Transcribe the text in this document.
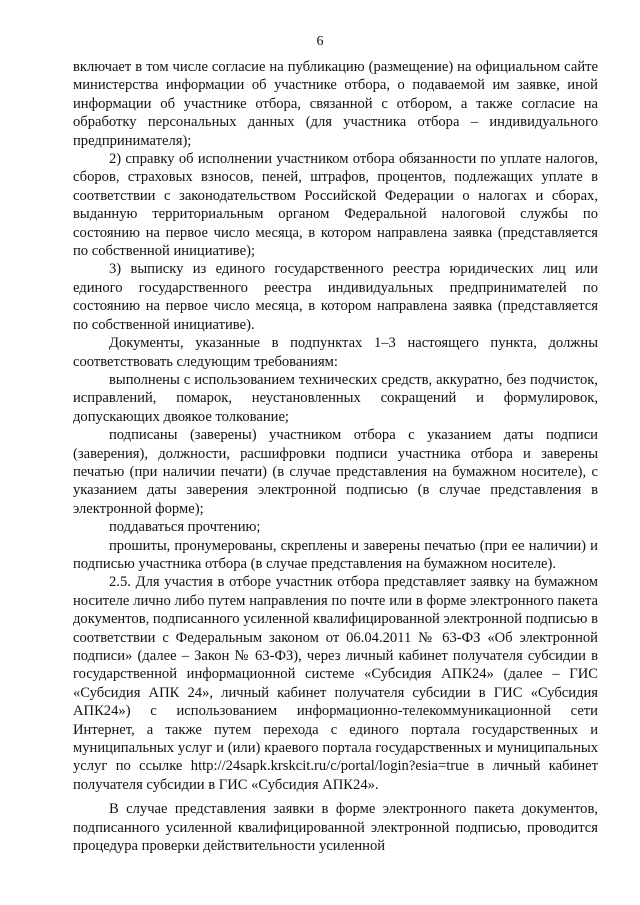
6

включает в том числе согласие на публикацию (размещение) на официальном сайте министерства информации об участнике отбора, о подаваемой им заявке, иной информации об участнике отбора, связанной с отбором, а также согласие на обработку персональных данных (для участника отбора – индивидуального предпринимателя);

2) справку об исполнении участником отбора обязанности по уплате налогов, сборов, страховых взносов, пеней, штрафов, процентов, подлежащих уплате в соответствии с законодательством Российской Федерации о налогах и сборах, выданную территориальным органом Федеральной налоговой службы по состоянию на первое число месяца, в котором направлена заявка (представляется по собственной инициативе);

3) выписку из единого государственного реестра юридических лиц или единого государственного реестра индивидуальных предпринимателей по состоянию на первое число месяца, в котором направлена заявка (представляется по собственной инициативе).

Документы, указанные в подпунктах 1–3 настоящего пункта, должны соответствовать следующим требованиям:

выполнены с использованием технических средств, аккуратно, без подчисток, исправлений, помарок, неустановленных сокращений и формулировок, допускающих двоякое толкование;

подписаны (заверены) участником отбора с указанием даты подписи (заверения), должности, расшифровки подписи участника отбора и заверены печатью (при наличии печати) (в случае представления на бумажном носителе), с указанием даты заверения электронной подписью (в случае представления в электронной форме);

поддаваться прочтению;

прошиты, пронумерованы, скреплены и заверены печатью (при ее наличии) и подписью участника отбора (в случае представления на бумажном носителе).

2.5. Для участия в отборе участник отбора представляет заявку на бумажном носителе лично либо путем направления по почте или в форме электронного пакета документов, подписанного усиленной квалифицированной электронной подписью в соответствии с Федеральным законом от 06.04.2011 № 63-ФЗ «Об электронной подписи» (далее – Закон № 63-ФЗ), через личный кабинет получателя субсидии в государственной информационной системе «Субсидия АПК24» (далее – ГИС «Субсидия АПК 24», личный кабинет получателя субсидии в ГИС «Субсидия АПК24») с использованием информационно-телекоммуникационной сети Интернет, а также путем перехода с единого портала государственных и муниципальных услуг и (или) краевого портала государственных и муниципальных услуг по ссылке http://24sapk.krskcit.ru/c/portal/login?esia=true в личный кабинет получателя субсидии в ГИС «Субсидия АПК24».

В случае представления заявки в форме электронного пакета документов, подписанного усиленной квалифицированной электронной подписью, проводится процедура проверки действительности усиленной
